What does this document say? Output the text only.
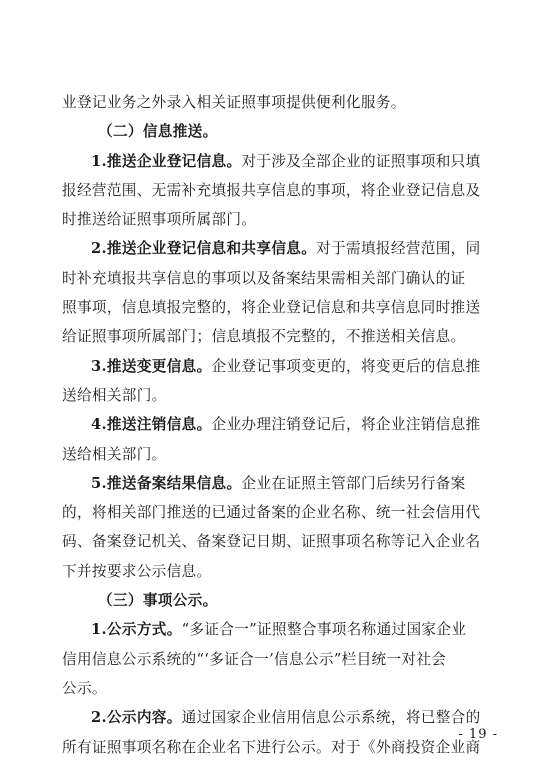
业登记业务之外录入相关证照事项提供便利化服务。
（二）信息推送。
1.推送企业登记信息。对于涉及全部企业的证照事项和只填
报经营范围、无需补充填报共享信息的事项，将企业登记信息及
时推送给证照事项所属部门。
2.推送企业登记信息和共享信息。对于需填报经营范围，同
时补充填报共享信息的事项以及备案结果需相关部门确认的证
照事项，信息填报完整的，将企业登记信息和共享信息同时推送
给证照事项所属部门；信息填报不完整的，不推送相关信息。
3.推送变更信息。企业登记事项变更的，将变更后的信息推
送给相关部门。
4.推送注销信息。企业办理注销登记后，将企业注销信息推
送给相关部门。
5.推送备案结果信息。企业在证照主管部门后续另行备案
的，将相关部门推送的已通过备案的企业名称、统一社会信用代
码、备案登记机关、备案登记日期、证照事项名称等记入企业名
下并按要求公示信息。
（三）事项公示。
1.公示方式。“多证合一”证照整合事项名称通过国家企业
信用信息公示系统的“‘多证合一’信息公示”栏目统一对社会
公示。
2.公示内容。通过国家企业信用信息公示系统，将已整合的
所有证照事项名称在企业名下进行公示。对于《外商投资企业商
- 19 -
